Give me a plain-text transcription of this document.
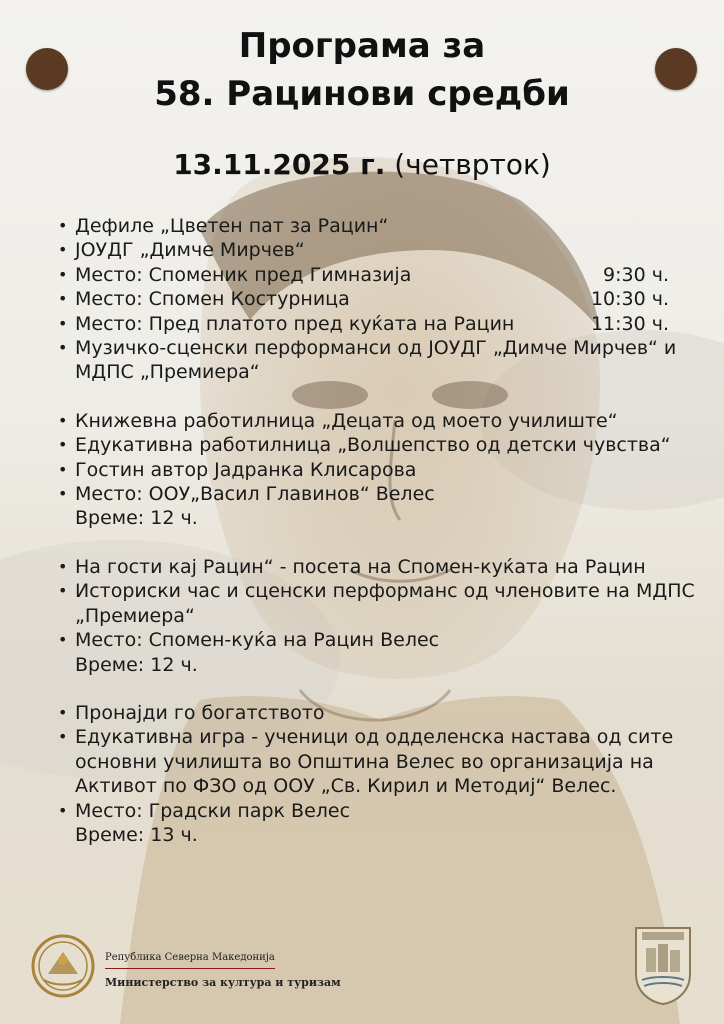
Програма за
58. Рацинови средби
13.11.2025 г. (четврток)
• Дефиле „Цветен пат за Рацин“
• ЈОУДГ „Димче Мирчев“
• Место: Споменик пред Гимназија	9:30 ч.
• Место: Спомен Костурница	10:30 ч.
• Место: Пред платото пред куќата на Рацин	11:30 ч.
• Музичко-сценски перформанси од ЈОУДГ „Димче Мирчев“ и МДПС „Премиера“
• Книжевна работилница „Децата од моето училиште“
• Едукативна работилница „Волшепство од детски чувства“
• Гостин автор Јадранка Клисарова
• Место: ООУ„Васил Главинов“ Велес
Време: 12 ч.
• На гости кај Рацин“ - посета на Спомен-куќата на Рацин
• Историски час и сценски перформанс од членовите на МДПС „Премиера“
• Место: Спомен-куќа на Рацин Велес
Време: 12 ч.
• Пронајди го богатството
• Едукативна игра - ученици од одделенска настава од сите основни училишта во Општина Велес во организација на Активот по ФЗО од ООУ „Св. Кирил и Методиј“ Велес.
• Место: Градски парк Велес
Време: 13 ч.
Република Северна Македонија
Министерство за култура и туризам
